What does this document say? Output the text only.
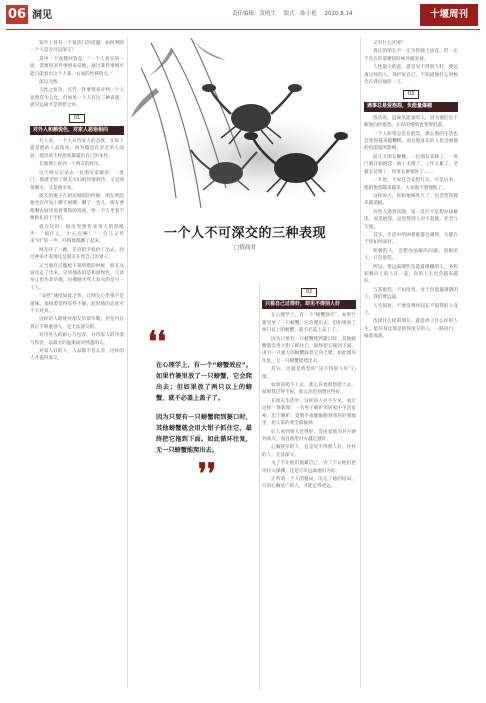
06 洞见	责任编辑：黄明生 版式：陈小艳 2020.8.14	十堰周刊

知乎上曾有一个很热门的话题：如何判断一个人是否可以深交？

其中一个高赞回答是：“一个人真实的一面，需要很多件事情来反映，通过某件事情可能只能看出这个人某一方面的性格特点。”

深以为然。

人性之复杂，仅凭一件事情来评判一个人显然有失公允。但如果一个人有这三种表现，就早远离才是明智之举。

01
对外人和颜悦色，对家人恶语相向

有人说，一个人对待家人的态度，实际上就是他的人品高度。因为越是在亲近的人面前，越容易不经意间暴露出自己的本性。

在微博上看到一个网友的经历。

这个网友记录去一位朋友家做客，一进门，他就受到了朋友夫妇的热情款待，又是端茶倒水，又是削水果。

朋友的妻子在厨房做饭的时候，朋友则陪他坐在沙发上聊天闲聊。聊了一会儿，朋友要他聊去厨房看看菜饭的进度，给一个人坐着不要拘礼似于手机。

就在这时，厨房突然传来男人的怒吼声：“搞什么，小心点啊！”一会儿又传来“砰”的一声，吓得他都跳了起来。

网友吓了一跳，差点把手机扔了出去，回过神来才发现这是朋友在骂自己的妻子。

正当他有点尴尬不知所措的时候，朋友从厨房走了出来，见到他依旧是和颜悦色，言谈举止也毕恭毕敬，仿佛刚才骂人发火的是另一个人。

“安慰”速度如此之快，让网友心里很不是滋味。他接着觉得有些不解，此时他的态度可不大对劲。

这样的人即使对朋友毕恭毕敬，但是内在真正不尊重别人，是无法深交的。

对待外人的耐心与包容，对待家人的冷漠与伤害，以最大的温柔面对熟悉的人。

对家人好的人，人品都不会太差，这样的人才值得深交。

一个人不可深交的三种表现
□情商君
❛❛

在心理学上，有一个“螃蟹效应”。如果竹篓里放了一只螃蟹，它会爬出去；但如果放了两只以上的螃蟹，就不必盖上盖子了。

因为只要有一只螃蟹爬到篓口时，其他螃蟹就会用大钳子抓住它，最终把它拖到下面。如此循环往复，无一只螃蟹能爬出去。

❜❜
02
只看自己过得好，却见不得别人好

在心理学上，有一个“螃蟹效应”。如果竹篓里放了一只螃蟹，它会爬出去；但如果放了两只以上的螃蟹，就不必盖上盖子了。

因为只要有一只螃蟹爬到篓口时，其他螃蟹就会用大钳子抓住它，最终把它拖到下面。由另一只强大的螃蟹踩着它向上爬。如此循环往复，无一只螃蟹能爬出去。

其实，这就是典型的“见不得别人好”心理。

如果你爬不上去，那么你也别想爬上去。如果我过得不好，那么你也别想过得好。

在现实生活中，这样的人并不少见。看过这样一条新闻：一名男子嫉妒邻居家中生活宽裕，出于嫉妒，竟然半夜偷偷跑到邻居的菜地里，把人家的菜全部拔掉。

好人看到别人过得好，会由衷地为对方感到高兴，而且希望对方越过越好。

心胸狭窄的人，总是见不得别人好。这样的人，无法深交。

为了不让他们拖累自己，为了不让他们把你拉入深渊，还是尽早远离他们为好。

正所谓一个人的格局，决定了他的结局。只有心胸宽广的人，才能走得更远。

又有什么区别？

真正的朋友不一定为你锦上添花，但一定不会在你需要的时候冷眼旁观。

人性最大的恶，就是见不得别人好。要远离这样的人，保护好自己，不知道他什么时候会在背后捅你一刀。

03
遇事总是爱抱怨，负能量爆棚

俗话说，远离负能量的人，因为他们会不断地向你抱怨，让你的情绪也变得低落。

一个人如果总是在抱怨，那么他的生活也会变得越来越糟糕。而且他身边的人也会被他的负能量所影响。

前几天朋友聚餐，一位朋友来晚了，一进门就开始抱怨：路上太堵了，工作太累了，老板太苛刻了，同事太难相处了……

一开始，大家还会安慰几句。可是后来，他的抱怨越来越多，大家都不想理他了。

这样的人，你和他相处久了，也会变得越来越消极。

有些人遇到问题，第一反应不是想办法解决，而是抱怨，总觉得别人对不起他，社会亏欠他。

其实，生活中的困难谁都会遇到，关键在于你如何面对。

积极的人，会想办法解决问题；消极的人，只会抱怨。

所以，要远离那些负能量爆棚的人，多和积极向上的人在一起，你的人生也会越来越好。

与其抱怨，不如改变。对于负能量满满的人，我们要远离。

人生很短，不要浪费时间在不值得的人身上。

选择什么样的朋友，就选择了什么样的人生。愿你身边都是值得深交的人，一路同行，彼此成就。
